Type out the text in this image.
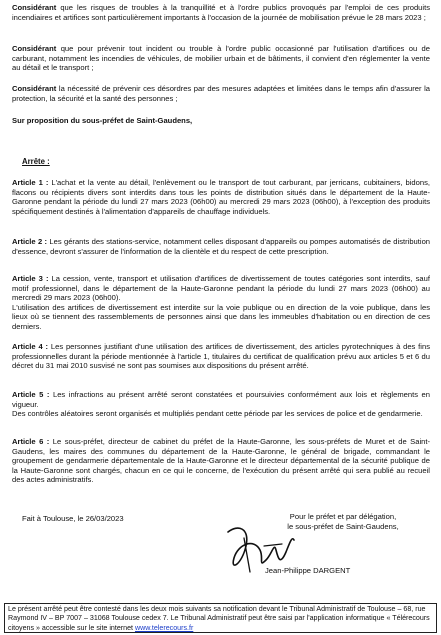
Considérant que les risques de troubles à la tranquillité et à l'ordre publics provoqués par l'emploi de ces produits incendiaires et artifices sont particulièrement importants à l'occasion de la journée de mobilisation prévue le 28 mars 2023 ;
Considérant que pour prévenir tout incident ou trouble à l'ordre public occasionné par l'utilisation d'artifices ou de carburant, notamment les incendies de véhicules, de mobilier urbain et de bâtiments, il convient d'en réglementer la vente au détail et le transport ;
Considérant la nécessité de prévenir ces désordres par des mesures adaptées et limitées dans le temps afin d'assurer la protection, la sécurité et la santé des personnes ;
Sur proposition du sous-préfet de Saint-Gaudens,
Arrête :
Article 1 : L'achat et la vente au détail, l'enlèvement ou le transport de tout carburant, par jerricans, cubitainers, bidons, flacons ou récipients divers sont interdits dans tous les points de distribution situés dans le département de la Haute-Garonne pendant la période du lundi 27 mars 2023 (06h00) au mercredi 29 mars 2023 (06h00), à l'exception des produits spécifiquement destinés à l'alimentation d'appareils de chauffage individuels.
Article 2 : Les gérants des stations-service, notamment celles disposant d'appareils ou pompes automatisés de distribution d'essence, devront s'assurer de l'information de la clientèle et du respect de cette prescription.
Article 3 : La cession, vente, transport et utilisation d'artifices de divertissement de toutes catégories sont interdits, sauf motif professionnel, dans le département de la Haute-Garonne pendant la période du lundi 27 mars 2023 (06h00) au mercredi 29 mars 2023 (06h00).
L'utilisation des artifices de divertissement est interdite sur la voie publique ou en direction de la voie publique, dans les lieux où se tiennent des rassemblements de personnes ainsi que dans les immeubles d'habitation ou en direction de ces derniers.
Article 4 : Les personnes justifiant d'une utilisation des artifices de divertissement, des articles pyrotechniques à des fins professionnelles durant la période mentionnée à l'article 1, titulaires du certificat de qualification prévu aux articles 5 et 6 du décret du 31 mai 2010 susvisé ne sont pas soumises aux dispositions du présent arrêté.
Article 5 : Les infractions au présent arrêté seront constatées et poursuivies conformément aux lois et règlements en vigueur.
Des contrôles aléatoires seront organisés et multipliés pendant cette période par les services de police et de gendarmerie.
Article 6 : Le sous-préfet, directeur de cabinet du préfet de la Haute-Garonne, les sous-préfets de Muret et de Saint-Gaudens, les maires des communes du département de la Haute-Garonne, le général de brigade, commandant le groupement de gendarmerie départementale de la Haute-Garonne et le directeur départemental de la sécurité publique de la Haute-Garonne sont chargés, chacun en ce qui le concerne, de l'exécution du présent arrêté qui sera publié au recueil des actes administratifs.
Fait à Toulouse, le 26/03/2023	Pour le préfet et par délégation,
le sous-préfet de Saint-Gaudens,
Jean-Philippe DARGENT
Le présent arrêté peut être contesté dans les deux mois suivants sa notification devant le Tribunal Administratif de Toulouse – 68, rue Raymond IV – BP 7007 – 31068 Toulouse cedex 7. Le Tribunal Administratif peut être saisi par l'application informatique « Télérecours citoyens » accessible sur le site internet www.telerecours.fr
